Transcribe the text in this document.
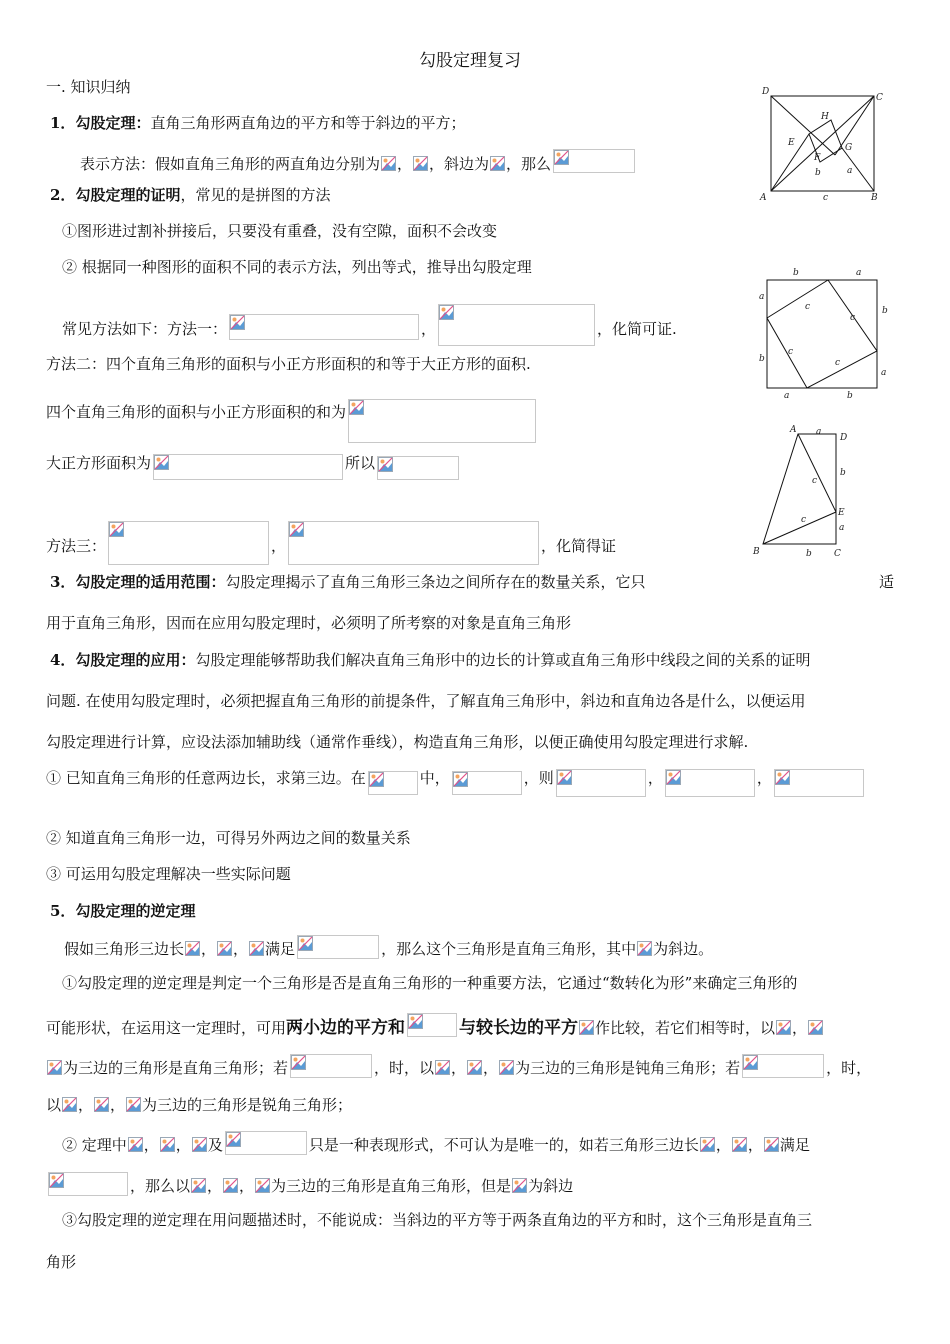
勾股定理复习
一. 知识归纳
1．勾股定理：直角三角形两直角边的平方和等于斜边的平方；
表示方法：假如直角三角形的两直角边分别为 ， ，斜边为 ，那么
2．勾股定理的证明，常见的是拼图的方法
①图形进过割补拼接后，只要没有重叠，没有空隙，面积不会改变
② 根据同一种图形的面积不同的表示方法，列出等式，推导出勾股定理
常见方法如下：方法一：	，	，化简可证.
方法二：四个直角三角形的面积与小正方形面积的和等于大正方形的面积.
四个直角三角形的面积与小正方形面积的和为
大正方形面积为	所以
方法三：	，	，化简得证
3．勾股定理的适用范围：勾股定理揭示了直角三角形三条边之间所存在的数量关系，它只	适
用于直角三角形，因而在应用勾股定理时，必须明了所考察的对象是直角三角形
4．勾股定理的应用：勾股定理能够帮助我们解决直角三角形中的边长的计算或直角三角形中线段之间的关系的证明
问题. 在使用勾股定理时，必须把握直角三角形的前提条件，了解直角三角形中，斜边和直角边各是什么，以便运用
勾股定理进行计算，应设法添加辅助线（通常作垂线），构造直角三角形，以便正确使用勾股定理进行求解.
① 已知直角三角形的任意两边长，求第三边。在	中，	，则	，	，
② 知道直角三角形一边，可得另外两边之间的数量关系
③ 可运用勾股定理解决一些实际问题
5．勾股定理的逆定理
假如三角形三边长 ， ， 满足	，那么这个三角形是直角三角形，其中 为斜边。
①勾股定理的逆定理是判定一个三角形是否是直角三角形的一种重要方法，它通过“数转化为形”来确定三角形的
可能形状，在运用这一定理时，可用两小边的平方和	与较长边的平方 作比较，若它们相等时，以 ，
为三边的三角形是直角三角形；若	，时，以 ， ， 为三边的三角形是钝角三角形；若	，时，
以 ， ， 为三边的三角形是锐角三角形；
② 定理中 ， ， 及	只是一种表现形式，不可认为是唯一的，如若三角形三边长 ， ， 满足
，那么以 ， ， 为三边的三角形是直角三角形，但是 为斜边
③勾股定理的逆定理在用问题描述时，不能说成：当斜边的平方等于两条直角边的平方和时，这个三角形是直角三
角形
D
C
H
E
F
G
b	a
A	c	B
b	a
a
b
c
c
b
c
c
a
a	b
A a
D
b
c
E
c
a
B	b C
